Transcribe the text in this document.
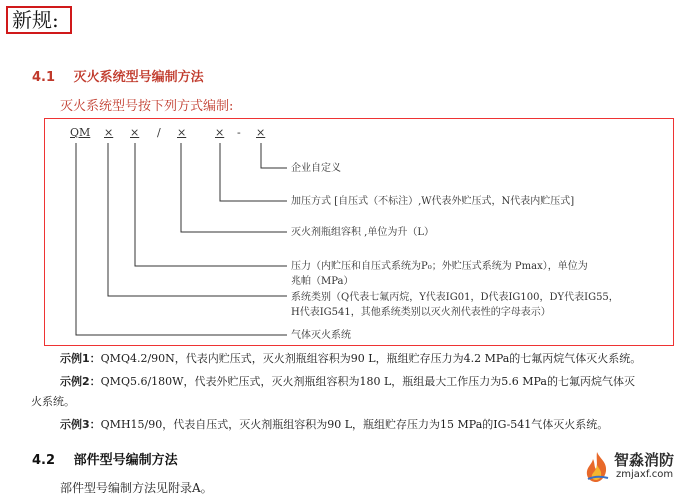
新规:
4.1 灭火系统型号编制方法
灭火系统型号按下列方式编制:
QM × × / ×	× - ×
企业自定义
加压方式 [自压式（不标注）,W代表外贮压式，N代表内贮压式]
灭火剂瓶组容积 ,单位为升（L）
压力（内贮压和自压式系统为P₀；外贮压式系统为 Pmax），单位为
兆帕（MPa）
系统类别（Q代表七氟丙烷，Y代表IG01，D代表IG100，DY代表IG55，
H代表IG541，其他系统类别以灭火剂代表性的字母表示）
气体灭火系统
示例1：QMQ4.2/90N，代表内贮压式，灭火剂瓶组容积为90 L，瓶组贮存压力为4.2 MPa的七氟丙烷气体灭火系统。
示例2：QMQ5.6/180W，代表外贮压式，灭火剂瓶组容积为180 L，瓶组最大工作压力为5.6 MPa的七氟丙烷气体灭
火系统。
示例3：QMH15/90，代表自压式，灭火剂瓶组容积为90 L，瓶组贮存压力为15 MPa的IG-541气体灭火系统。
4.2 部件型号编制方法
部件型号编制方法见附录A。
智淼消防
zmjaxf.com
